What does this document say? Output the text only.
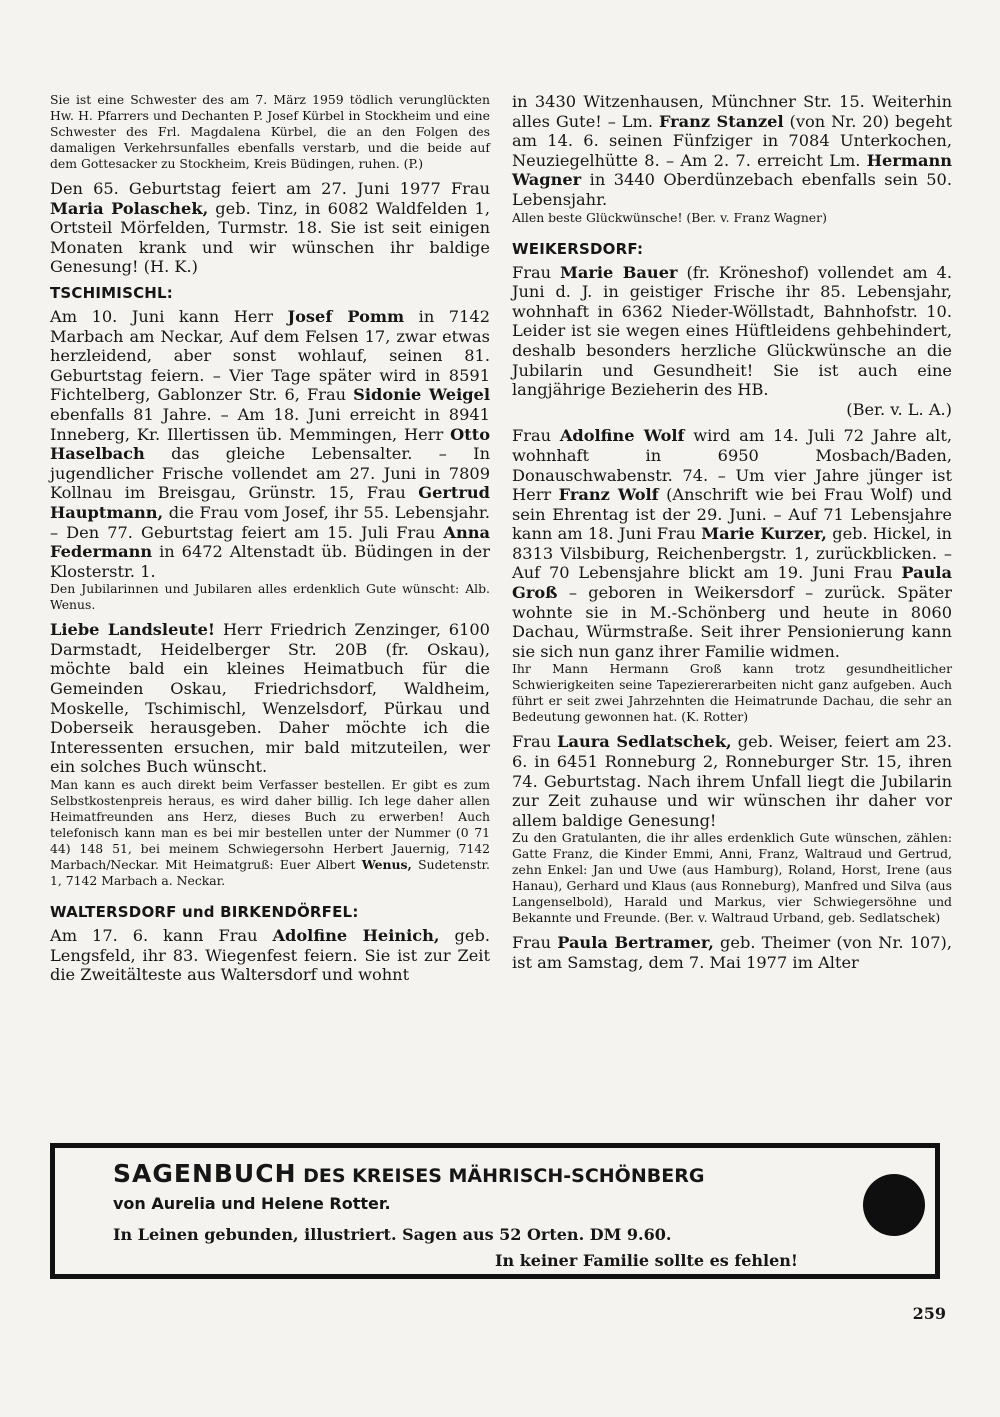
Sie ist eine Schwester des am 7. März 1959 tödlich verunglückten Hw. H. Pfarrers und Dechanten P. Josef Kürbel in Stockheim und eine Schwester des Frl. Magdalena Kürbel, die an den Folgen des damaligen Verkehrsunfalles ebenfalls verstarb, und die beide auf dem Gottesacker zu Stockheim, Kreis Büdingen, ruhen. (P.)

Den 65. Geburtstag feiert am 27. Juni 1977 Frau Maria Polaschek, geb. Tinz, in 6082 Waldfelden 1, Ortsteil Mörfelden, Turmstr. 18. Sie ist seit einigen Monaten krank und wir wünschen ihr baldige Genesung! (H. K.)

TSCHIMISCHL:

Am 10. Juni kann Herr Josef Pomm in 7142 Marbach am Neckar, Auf dem Felsen 17, zwar etwas herzleidend, aber sonst wohlauf, seinen 81. Geburtstag feiern. – Vier Tage später wird in 8591 Fichtelberg, Gablonzer Str. 6, Frau Sidonie Weigel ebenfalls 81 Jahre. – Am 18. Juni erreicht in 8941 Inneberg, Kr. Illertissen üb. Memmingen, Herr Otto Haselbach das gleiche Lebensalter. – In jugendlicher Frische vollendet am 27. Juni in 7809 Kollnau im Breisgau, Grünstr. 15, Frau Gertrud Hauptmann, die Frau vom Josef, ihr 55. Lebensjahr. – Den 77. Geburtstag feiert am 15. Juli Frau Anna Federmann in 6472 Altenstadt üb. Büdingen in der Klosterstr. 1.

Den Jubilarinnen und Jubilaren alles erdenklich Gute wünscht: Alb. Wenus.

Liebe Landsleute! Herr Friedrich Zenzinger, 6100 Darmstadt, Heidelberger Str. 20B (fr. Oskau), möchte bald ein kleines Heimatbuch für die Gemeinden Oskau, Friedrichsdorf, Waldheim, Moskelle, Tschimischl, Wenzelsdorf, Pürkau und Doberseik herausgeben. Daher möchte ich die Interessenten ersuchen, mir bald mitzuteilen, wer ein solches Buch wünscht.

Man kann es auch direkt beim Verfasser bestellen. Er gibt es zum Selbstkostenpreis heraus, es wird daher billig. Ich lege daher allen Heimatfreunden ans Herz, dieses Buch zu erwerben! Auch telefonisch kann man es bei mir bestellen unter der Nummer (0 71 44) 148 51, bei meinem Schwiegersohn Herbert Jauernig, 7142 Marbach/Neckar. Mit Heimatgruß: Euer Albert Wenus, Sudetenstr. 1, 7142 Marbach a. Neckar.

WALTERSDORF und BIRKENDÖRFEL:

Am 17. 6. kann Frau Adolfine Heinich, geb. Lengsfeld, ihr 83. Wiegenfest feiern. Sie ist zur Zeit die Zweitälteste aus Waltersdorf und wohnt

in 3430 Witzenhausen, Münchner Str. 15. Weiterhin alles Gute! – Lm. Franz Stanzel (von Nr. 20) begeht am 14. 6. seinen Fünfziger in 7084 Unterkochen, Neuziegelhütte 8. – Am 2. 7. erreicht Lm. Hermann Wagner in 3440 Oberdünzebach ebenfalls sein 50. Lebensjahr.

Allen beste Glückwünsche! (Ber. v. Franz Wagner)

WEIKERSDORF:

Frau Marie Bauer (fr. Kröneshof) vollendet am 4. Juni d. J. in geistiger Frische ihr 85. Lebensjahr, wohnhaft in 6362 Nieder-Wöllstadt, Bahnhofstr. 10. Leider ist sie wegen eines Hüftleidens gehbehindert, deshalb besonders herzliche Glückwünsche an die Jubilarin und Gesundheit! Sie ist auch eine langjährige Bezieherin des HB.

(Ber. v. L. A.)

Frau Adolfine Wolf wird am 14. Juli 72 Jahre alt, wohnhaft in 6950 Mosbach/Baden, Donauschwabenstr. 74. – Um vier Jahre jünger ist Herr Franz Wolf (Anschrift wie bei Frau Wolf) und sein Ehrentag ist der 29. Juni. – Auf 71 Lebensjahre kann am 18. Juni Frau Marie Kurzer, geb. Hickel, in 8313 Vilsbiburg, Reichenbergstr. 1, zurückblicken. – Auf 70 Lebensjahre blickt am 19. Juni Frau Paula Groß – geboren in Weikersdorf – zurück. Später wohnte sie in M.-Schönberg und heute in 8060 Dachau, Würmstraße. Seit ihrer Pensionierung kann sie sich nun ganz ihrer Familie widmen.

Ihr Mann Hermann Groß kann trotz gesundheitlicher Schwierigkeiten seine Tapeziererarbeiten nicht ganz aufgeben. Auch führt er seit zwei Jahrzehnten die Heimatrunde Dachau, die sehr an Bedeutung gewonnen hat. (K. Rotter)

Frau Laura Sedlatschek, geb. Weiser, feiert am 23. 6. in 6451 Ronneburg 2, Ronneburger Str. 15, ihren 74. Geburtstag. Nach ihrem Unfall liegt die Jubilarin zur Zeit zuhause und wir wünschen ihr daher vor allem baldige Genesung!

Zu den Gratulanten, die ihr alles erdenklich Gute wünschen, zählen: Gatte Franz, die Kinder Emmi, Anni, Franz, Waltraud und Gertrud, zehn Enkel: Jan und Uwe (aus Hamburg), Roland, Horst, Irene (aus Hanau), Gerhard und Klaus (aus Ronneburg), Manfred und Silva (aus Langenselbold), Harald und Markus, vier Schwiegersöhne und Bekannte und Freunde. (Ber. v. Waltraud Urband, geb. Sedlatschek)

Frau Paula Bertramer, geb. Theimer (von Nr. 107), ist am Samstag, dem 7. Mai 1977 im Alter

SAGENBUCH DES KREISES MÄHRISCH-SCHÖNBERG
von Aurelia und Helene Rotter.
In Leinen gebunden, illustriert. Sagen aus 52 Orten. DM 9.60.
In keiner Familie sollte es fehlen!
259
